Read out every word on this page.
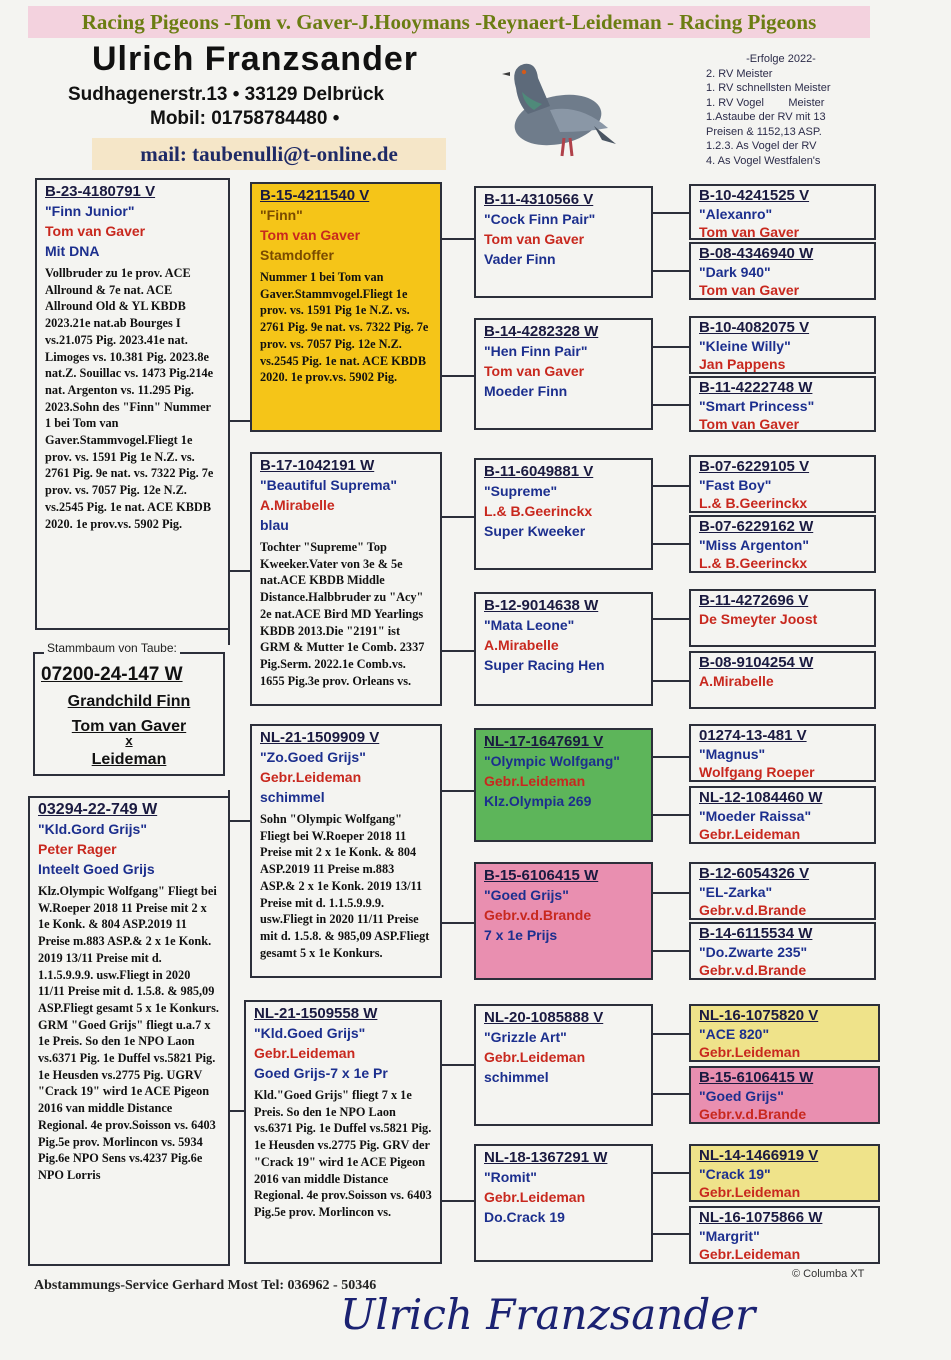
Racing Pigeons -Tom v. Gaver-J.Hooymans -Reynaert-Leideman - Racing Pigeons
Ulrich Franzsander
Sudhagenerstr.13 • 33129 Delbrück
Mobil: 01758784480 •
mail: taubenulli@t-online.de
-Erfolge 2022-
2. RV Meister
1. RV schnellsten Meister
1. RV Vogel        Meister
1.Astaube der RV mit 13
Preisen & 1152,13 ASP.
1.2.3. As Vogel der RV
4. As Vogel Westfalen's
B-23-4180791 V
"Finn Junior"
Tom van Gaver
Mit DNA
Vollbruder zu 1e prov. ACE Allround & 7e nat. ACE Allround Old & YL KBDB 2023.21e nat.ab Bourges I vs.21.075 Pig. 2023.41e nat. Limoges vs. 10.381 Pig. 2023.8e nat.Z. Souillac vs. 1473 Pig.214e nat. Argenton vs. 11.295 Pig. 2023.Sohn des "Finn" Nummer 1 bei Tom van Gaver.Stammvogel.Fliegt 1e prov. vs. 1591 Pig 1e N.Z. vs. 2761 Pig. 9e nat. vs. 7322 Pig. 7e prov. vs. 7057 Pig. 12e N.Z. vs.2545 Pig. 1e nat. ACE KBDB 2020. 1e prov.vs. 5902 Pig.
Stammbaum von Taube:
07200-24-147 W
Grandchild Finn
Tom van Gaver
x
Leideman
03294-22-749 W
"Kld.Gord Grijs"
Peter Rager
Inteelt Goed Grijs
Klz.Olympic Wolfgang" Fliegt bei W.Roeper 2018 11 Preise mit 2 x 1e Konk. & 804 ASP.2019 11 Preise m.883 ASP.& 2 x 1e Konk. 2019 13/11 Preise mit d. 1.1.5.9.9.9. usw.Fliegt in 2020 11/11 Preise mit d. 1.5.8. & 985,09 ASP.Fliegt gesamt 5 x 1e Konkurs. GRM "Goed Grijs" fliegt u.a.7 x 1e Preis. So den 1e NPO Laon vs.6371 Pig. 1e Duffel vs.5821 Pig. 1e Heusden vs.2775 Pig. UGRV "Crack 19" wird 1e ACE Pigeon 2016 van middle Distance Regional. 4e prov.Soisson vs. 6403 Pig.5e prov. Morlincon vs. 5934 Pig.6e NPO Sens vs.4237 Pig.6e NPO Lorris
B-15-4211540 V
"Finn"
Tom van Gaver
Stamdoffer
Nummer 1 bei Tom van Gaver.Stammvogel.Fliegt 1e prov. vs. 1591 Pig 1e N.Z. vs. 2761 Pig. 9e nat. vs. 7322 Pig. 7e prov. vs. 7057 Pig. 12e N.Z. vs.2545 Pig. 1e nat. ACE KBDB 2020. 1e prov.vs. 5902 Pig.
B-17-1042191 W
"Beautiful Suprema"
A.Mirabelle
blau
Tochter "Supreme" Top Kweeker.Vater von 3e & 5e nat.ACE KBDB Middle Distance.Halbbruder zu "Acy" 2e nat.ACE Bird MD Yearlings KBDB 2013.Die "2191" ist GRM & Mutter 1e Comb. 2337 Pig.Serm. 2022.1e Comb.vs. 1655 Pig.3e prov. Orleans vs.
NL-21-1509909 V
"Zo.Goed Grijs"
Gebr.Leideman
schimmel
Sohn "Olympic Wolfgang" Fliegt bei W.Roeper 2018 11 Preise mit 2 x 1e Konk. & 804 ASP.2019 11 Preise m.883 ASP.& 2 x 1e Konk. 2019 13/11 Preise mit d. 1.1.5.9.9.9. usw.Fliegt in 2020 11/11 Preise mit d. 1.5.8. & 985,09 ASP.Fliegt gesamt 5 x 1e Konkurs.
NL-21-1509558 W
"Kld.Goed Grijs"
Gebr.Leideman
Goed Grijs-7 x 1e Pr
Kld."Goed Grijs" fliegt 7 x 1e Preis. So den 1e NPO Laon vs.6371 Pig. 1e Duffel vs.5821 Pig. 1e Heusden vs.2775 Pig. GRV der "Crack 19" wird 1e ACE Pigeon 2016 van middle Distance Regional. 4e prov.Soisson vs. 6403 Pig.5e prov. Morlincon vs.
B-11-4310566 V
"Cock Finn Pair"
Tom van Gaver
Vader Finn
B-14-4282328 W
"Hen Finn Pair"
Tom van Gaver
Moeder Finn
B-11-6049881 V
"Supreme"
L.& B.Geerinckx
Super Kweeker
B-12-9014638 W
"Mata Leone"
A.Mirabelle
Super Racing Hen
NL-17-1647691 V
"Olympic Wolfgang"
Gebr.Leideman
Klz.Olympia 269
B-15-6106415 W
"Goed Grijs"
Gebr.v.d.Brande
7 x 1e Prijs
NL-20-1085888 V
"Grizzle Art"
Gebr.Leideman
schimmel
NL-18-1367291 W
"Romit"
Gebr.Leideman
Do.Crack 19
B-10-4241525 V
"Alexanro"
Tom van Gaver
B-08-4346940 W
"Dark 940"
Tom van Gaver
B-10-4082075 V
"Kleine Willy"
Jan Pappens
B-11-4222748 W
"Smart Princess"
Tom van Gaver
B-07-6229105 V
"Fast Boy"
L.& B.Geerinckx
B-07-6229162 W
"Miss Argenton"
L.& B.Geerinckx
B-11-4272696 V
De Smeyter Joost
B-08-9104254 W
A.Mirabelle
01274-13-481 V
"Magnus"
Wolfgang Roeper
NL-12-1084460 W
"Moeder Raissa"
Gebr.Leideman
B-12-6054326 V
"EL-Zarka"
Gebr.v.d.Brande
B-14-6115534 W
"Do.Zwarte 235"
Gebr.v.d.Brande
NL-16-1075820 V
"ACE 820"
Gebr.Leideman
B-15-6106415 W
"Goed Grijs"
Gebr.v.d.Brande
NL-14-1466919 V
"Crack 19"
Gebr.Leideman
NL-16-1075866 W
"Margrit"
Gebr.Leideman
Abstammungs-Service Gerhard Most Tel: 036962 - 50346
© Columba XT
Ulrich Franzsander
